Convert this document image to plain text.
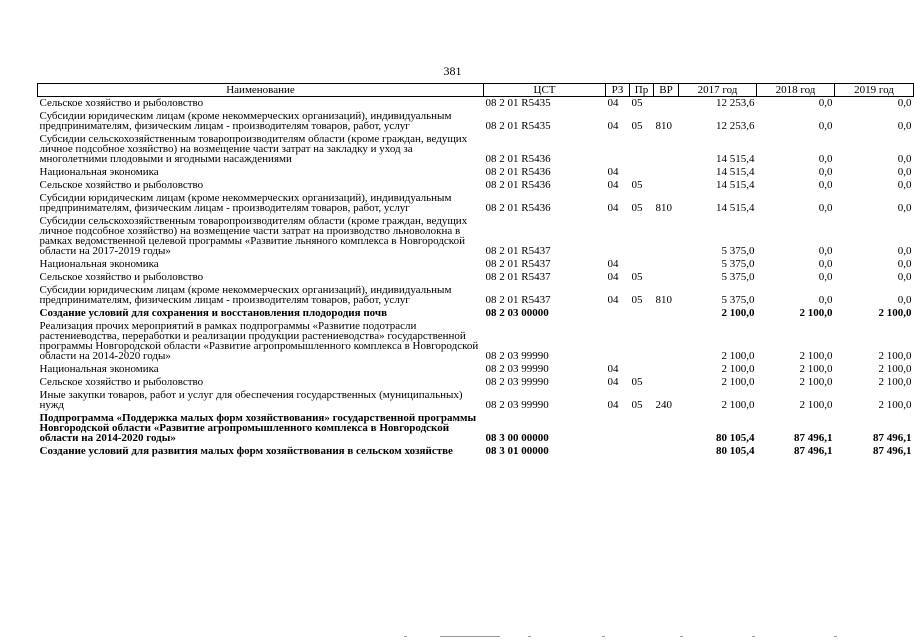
381
Наименование	ЦСТ	РЗ	Пр	ВР	2017 год	2018 год	2019 год
Сельское хозяйство и рыболовство	08 2 01 R5435	04	05		12 253,6	0,0	0,0
Субсидии юридическим лицам (кроме некоммерческих организаций), индивидуальным предпринимателям, физическим лицам - производителям товаров, работ, услуг	08 2 01 R5435	04	05	810	12 253,6	0,0	0,0
Субсидии сельскохозяйственным товаропроизводителям области (кроме граждан, ведущих личное подсобное хозяйство) на возмещение части затрат на закладку и уход за многолетними плодовыми и ягодными насаждениями	08 2 01 R5436				14 515,4	0,0	0,0
Национальная экономика	08 2 01 R5436	04			14 515,4	0,0	0,0
Сельское хозяйство и рыболовство	08 2 01 R5436	04	05		14 515,4	0,0	0,0
Субсидии юридическим лицам (кроме некоммерческих организаций), индивидуальным предпринимателям, физическим лицам - производителям товаров, работ, услуг	08 2 01 R5436	04	05	810	14 515,4	0,0	0,0
Субсидии сельскохозяйственным товаропроизводителям области (кроме граждан, ведущих личное подсобное хозяйство) на возмещение части затрат на производство льноволокна в рамках ведомственной целевой программы «Развитие льняного комплекса в Новгородской области на 2017-2019 годы»	08 2 01 R5437				5 375,0	0,0	0,0
Национальная экономика	08 2 01 R5437	04			5 375,0	0,0	0,0
Сельское хозяйство и рыболовство	08 2 01 R5437	04	05		5 375,0	0,0	0,0
Субсидии юридическим лицам (кроме некоммерческих организаций), индивидуальным предпринимателям, физическим лицам - производителям товаров, работ, услуг	08 2 01 R5437	04	05	810	5 375,0	0,0	0,0
Создание условий для сохранения и восстановления плодородия почв	08 2 03 00000				2 100,0	2 100,0	2 100,0
Реализация прочих мероприятий в рамках подпрограммы «Развитие подотрасли растениеводства, переработки и реализации продукции растениеводства» государственной программы Новгородской области «Развитие агропромышленного комплекса в Новгородской области на 2014-2020 годы»	08 2 03 99990				2 100,0	2 100,0	2 100,0
Национальная экономика	08 2 03 99990	04			2 100,0	2 100,0	2 100,0
Сельское хозяйство и рыболовство	08 2 03 99990	04	05		2 100,0	2 100,0	2 100,0
Иные закупки товаров, работ и услуг для обеспечения государственных (муниципальных) нужд	08 2 03 99990	04	05	240	2 100,0	2 100,0	2 100,0
Подпрограмма «Поддержка малых форм хозяйствования» государственной программы Новгородской области «Развитие агропромышленного комплекса в Новгородской области на 2014-2020 годы»	08 3 00 00000				80 105,4	87 496,1	87 496,1
Создание условий для развития малых форм хозяйствования в сельском хозяйстве	08 3 01 00000				80 105,4	87 496,1	87 496,1
